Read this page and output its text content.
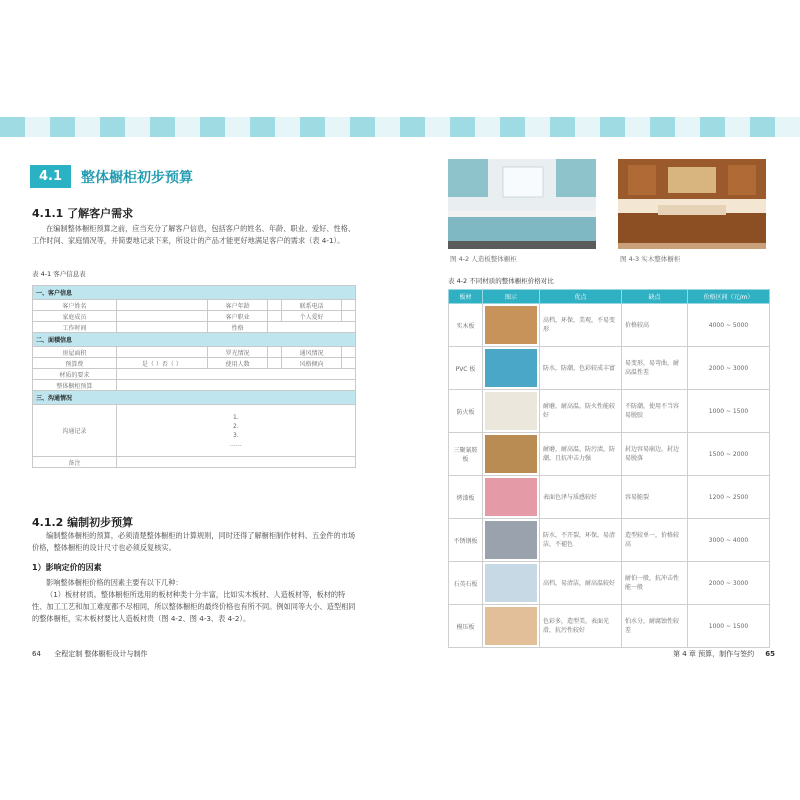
4.1	整体橱柜初步预算
4.1.1 了解客户需求

在编制整体橱柜预算之前，应当充分了解客户信息，包括客户的姓名、年龄、职业、爱好、性格、工作时间、家庭情况等，并简要地记录下来，所设计的产品才能更好地满足客户的需求（表 4-1）。

表 4-1 客户信息表
一、客户信息					
客户姓名		客户年龄		联系电话	
家庭成员		客户职业		个人爱好	
工作时间		性格			
二、面積信息					
房屋面积		罗光情况		通风情况	
预算费	是（ ）否（ ）	使用人数		风格倾向	
材质的要求					
整体橱柜预算					
三、沟通情况					
沟通记录	1.
2.
3.
……				

备注					
4.1.2 编制初步预算

编制整体橱柜的预算，必须清楚整体橱柜的计算规则，同时还得了解橱柜制作材料、五金件的市场价格，整体橱柜的设计尺寸也必须反复核实。

1）影响定价的因素

影响整体橱柜价格的因素主要有以下几种：

（1）板材材质。整体橱柜所选用的板材种类十分丰富，比如实木板材、人造板材等，板材的特性、加工工艺和加工难度都不尽相同，所以整体橱柜的最终价格也有所不同。例如同等大小、造型相同的整体橱柜，实木板材要比人造板材贵（图 4-2、图 4-3、表 4-2）。

64 全程定制 整体橱柜设计与制作
图 4-2 人造板整体橱柜	图 4-3 实木整体橱柜
表 4-2 不同材质的整体橱柜价格对比
板材	图示	优点	缺点	价格区间（元/m）
实木板		高档，环保，美观，不易变形	价格较高	4000 ~ 5000
PVC 板		防水，防潮，色彩较成丰富	易变形，易弯曲，耐高温性差	2000 ~ 3000
防火板		耐磨，耐高温，防火性能较好	不防潮，使用不当容易脱胶	1000 ~ 1500
三聚氰胺板		耐磨，耐高温，防污渍，防潮，且抗冲击力强	封边容易崩边，封边易脱落	1500 ~ 2000
烤漆板		表面色泽与质感较好	容易脆裂	1200 ~ 2500
不锈钢板		防水，不开裂，环保，易清洁，不褪色	造型较单一，价格较高	3000 ~ 4000
石英石板		高档，易清洁，耐高温较好	耐伯一般，抗冲击性能一般	2000 ~ 3000
模压板		色彩多，造型美，表面光滑，抗污性较好	怕水分，耐腐蚀性较差	1000 ~ 1500
第 4 章 预算，制作与签约 65
